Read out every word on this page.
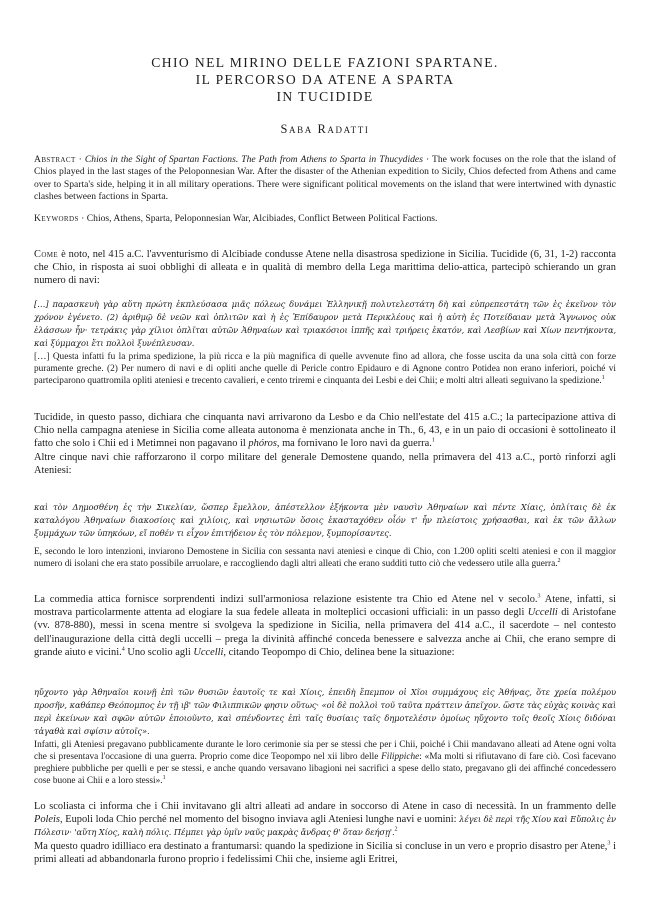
CHIO NEL MIRINO DELLE FAZIONI SPARTANE.
IL PERCORSO DA ATENE A SPARTA
IN TUCIDIDE
Saba Radatti
Abstract · Chios in the Sight of Spartan Factions. The Path from Athens to Sparta in Thucydides · The work focuses on the role that the island of Chios played in the last stages of the Peloponnesian War. After the disaster of the Athenian expedition to Sicily, Chios defected from Athens and came over to Sparta's side, helping it in all military operations. There were significant political movements on the island that were intertwined with dynastic clashes between factions in Sparta.
Keywords · Chios, Athens, Sparta, Peloponnesian War, Alcibiades, Conflict Between Political Factions.

Come è noto, nel 415 a.C. l'avventurismo di Alcibiade condusse Atene nella disastrosa spedizione in Sicilia. Tucidide (6, 31, 1-2) racconta che Chio, in risposta ai suoi obblighi di alleata e in qualità di membro della Lega marittima delio-attica, partecipò schierando un gran numero di navi:

[…] παρασκευὴ γὰρ αὕτη πρώτη ἐκπλεύσασα μιᾶς πόλεως δυνάμει Ἑλληνικῇ πολυτελεστάτη δὴ καὶ εὐπρεπεστάτη τῶν ἐς ἐκεῖνον τὸν χρόνον ἐγένετο. (2) ἀριθμῷ δὲ νεῶν καὶ ὁπλιτῶν καὶ ἡ ἐς Ἐπίδαυρον μετὰ Περικλέους καὶ ἡ αὐτὴ ἐς Ποτείδαιαν μετὰ Ἅγνωνος οὐκ ἐλάσσων ἦν· τετράκις γὰρ χίλιοι ὁπλῖται αὐτῶν Ἀθηναίων καὶ τριακόσιοι ἱππῆς καὶ τριήρεις ἑκατόν, καὶ Λεσβίων καὶ Χίων πεντήκοντα, καὶ ξύμμαχοι ἔτι πολλοὶ ξυνέπλευσαν.

[…] Questa infatti fu la prima spedizione, la più ricca e la più magnifica di quelle avvenute fino ad allora, che fosse uscita da una sola città con forze puramente greche. (2) Per numero di navi e di opliti anche quelle di Pericle contro Epidauro e di Agnone contro Potidea non erano inferiori, poiché vi parteciparono quattromila opliti ateniesi e trecento cavalieri, e cento triremi e cinquanta dei Lesbi e dei Chii; e molti altri alleati seguivano la spedizione.$^1$

Tucidide, in questo passo, dichiara che cinquanta navi arrivarono da Lesbo e da Chio nell'estate del 415 a.C.; la partecipazione attiva di Chio nella campagna ateniese in Sicilia come alleata autonoma è menzionata anche in Th., 6, 43, e in un paio di occasioni è sottolineato il fatto che solo i Chii ed i Metimnei non pagavano il phóros, ma fornivano le loro navi da guerra.$^1$
Altre cinque navi chie rafforzarono il corpo militare del generale Demostene quando, nella primavera del 413 a.C., portò rinforzi agli Ateniesi:

καὶ τὸν Δημοσθένη ἐς τὴν Σικελίαν, ὥσπερ ἔμελλον, ἀπέστελλον ἑξήκοντα μὲν ναυσὶν Ἀθηναίων καὶ πέντε Χίαις, ὁπλίταις δὲ ἐκ καταλόγου Ἀθηναίων διακοσίοις καὶ χιλίοις, καὶ νησιωτῶν ὅσοις ἑκασταχόθεν οἷόν τ' ἦν πλείστοις χρήσασθαι, καὶ ἐκ τῶν ἄλλων ξυμμάχων τῶν ὑπηκόων, εἴ ποθέν τι εἶχον ἐπιτήδειον ἐς τὸν πόλεμον, ξυμπορίσαντες.

E, secondo le loro intenzioni, inviarono Demostene in Sicilia con sessanta navi ateniesi e cinque di Chio, con 1.200 opliti scelti ateniesi e con il maggior numero di isolani che era stato possibile arruolare, e raccogliendo dagli altri alleati che erano sudditi tutto ciò che vedessero utile alla guerra.$^2$

La commedia attica fornisce sorprendenti indizi sull'armoniosa relazione esistente tra Chio ed Atene nel v secolo.$^3$ Atene, infatti, si mostrava particolarmente attenta ad elogiare la sua fedele alleata in molteplici occasioni ufficiali: in un passo degli Uccelli di Aristofane (vv. 878-880), messi in scena mentre si svolgeva la spedizione in Sicilia, nella primavera del 414 a.C., il sacerdote – nel contesto dell'inaugurazione della città degli uccelli – prega la divinità affinché conceda benessere e salvezza anche ai Chii, che erano sempre di grande aiuto e vicini.$^4$ Uno scolio agli Uccelli, citando Teopompo di Chio, delinea bene la situazione:

ηὔχοντο γὰρ Ἀθηναῖοι κοινῇ ἐπὶ τῶν θυσιῶν ἑαυτοῖς τε καὶ Χίοις, ἐπειδὴ ἔπεμπον οἱ Χῖοι συμμάχους εἰς Ἀθήνας, ὅτε χρεία πολέμου προσῆν, καθάπερ Θεόπομπος ἐν τῇ ιβ' τῶν Φιλιππικῶν φησιν οὕτως· «οἱ δὲ πολλοὶ τοῦ ταῦτα πράττειν ἀπεῖχον. ὥστε τὰς εὐχὰς κοινὰς καὶ περὶ ἐκείνων καὶ σφῶν αὐτῶν ἐποιοῦντο, καὶ σπένδοντες ἐπὶ ταῖς θυσίαις ταῖς δημοτελέσιν ὁμοίως ηὔχοντο τοῖς θεοῖς Χίοις διδόναι τἀγαθὰ καὶ σφίσιν αὐτοῖς».

Infatti, gli Ateniesi pregavano pubblicamente durante le loro cerimonie sia per se stessi che per i Chii, poiché i Chii mandavano alleati ad Atene ogni volta che si presentava l'occasione di una guerra. Proprio come dice Teopompo nel xii libro delle Filippiche: «Ma molti si rifiutavano di fare ciò. Così facevano preghiere pubbliche per quelli e per se stessi, e anche quando versavano libagioni nei sacrifici a spese dello stato, pregavano gli dei affinché concedessero cose buone ai Chii e a loro stessi».$^1$

Lo scoliasta ci informa che i Chii invitavano gli altri alleati ad andare in soccorso di Atene in caso di necessità. In un frammento delle Poleis, Eupoli loda Chio perché nel momento del bisogno inviava agli Ateniesi lunghe navi e uomini: λέγει δὲ περὶ τῆς Χίου καὶ Εὔπολις ἐν Πόλεσιν· 'αὕτη Χίος, καλὴ πόλις. Πέμπει γὰρ ὑμῖν ναῦς μακρὰς ἄνδρας θ' ὅταν δεήσῃ'.$^2$
Ma questo quadro idilliaco era destinato a frantumarsi: quando la spedizione in Sicilia si concluse in un vero e proprio disastro per Atene,$^3$ i primi alleati ad abbandonarla furono proprio i fedelissimi Chii che, insieme agli Eritrei,
